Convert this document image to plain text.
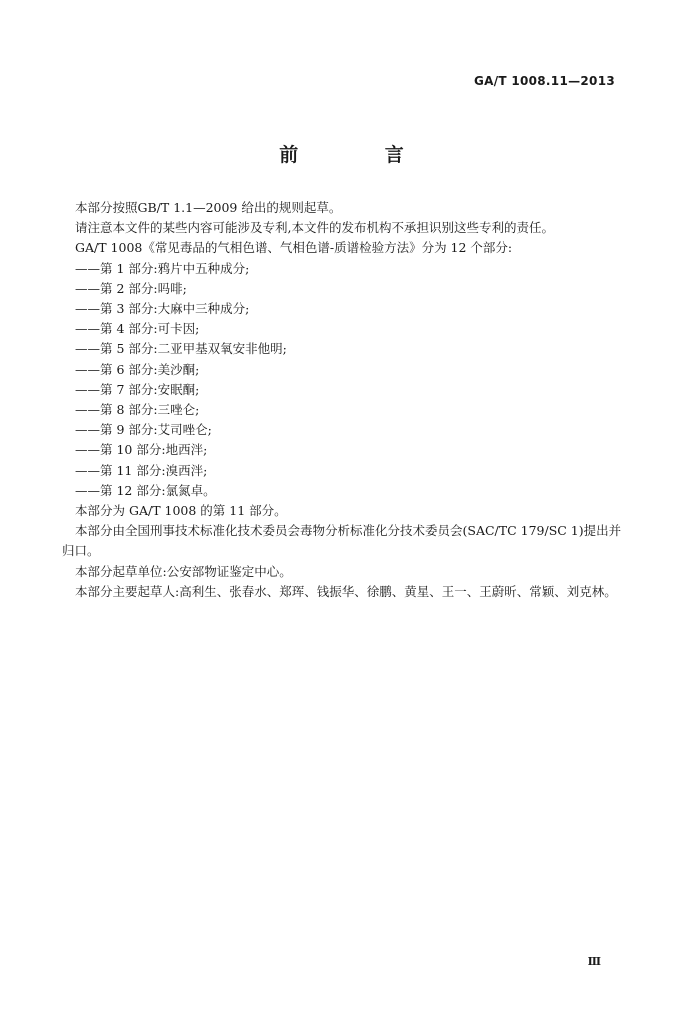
GA/T 1008.11—2013
前 言

本部分按照GB/T 1.1—2009 给出的规则起草。

请注意本文件的某些内容可能涉及专利,本文件的发布机构不承担识别这些专利的责任。

GA/T 1008《常见毒品的气相色谱、气相色谱-质谱检验方法》分为 12 个部分:

——第 1 部分:鸦片中五种成分;

——第 2 部分:吗啡;

——第 3 部分:大麻中三种成分;

——第 4 部分:可卡因;

——第 5 部分:二亚甲基双氧安非他明;

——第 6 部分:美沙酮;

——第 7 部分:安眠酮;

——第 8 部分:三唑仑;

——第 9 部分:艾司唑仑;

——第 10 部分:地西泮;

——第 11 部分:溴西泮;

——第 12 部分:氯氮卓。

本部分为 GA/T 1008 的第 11 部分。

本部分由全国刑事技术标准化技术委员会毒物分析标准化分技术委员会(SAC/TC 179/SC 1)提出并归口。

本部分起草单位:公安部物证鉴定中心。

本部分主要起草人:高利生、张春水、郑珲、钱振华、徐鹏、黄星、王一、王蔚昕、常颖、刘克林。

Ⅲ
